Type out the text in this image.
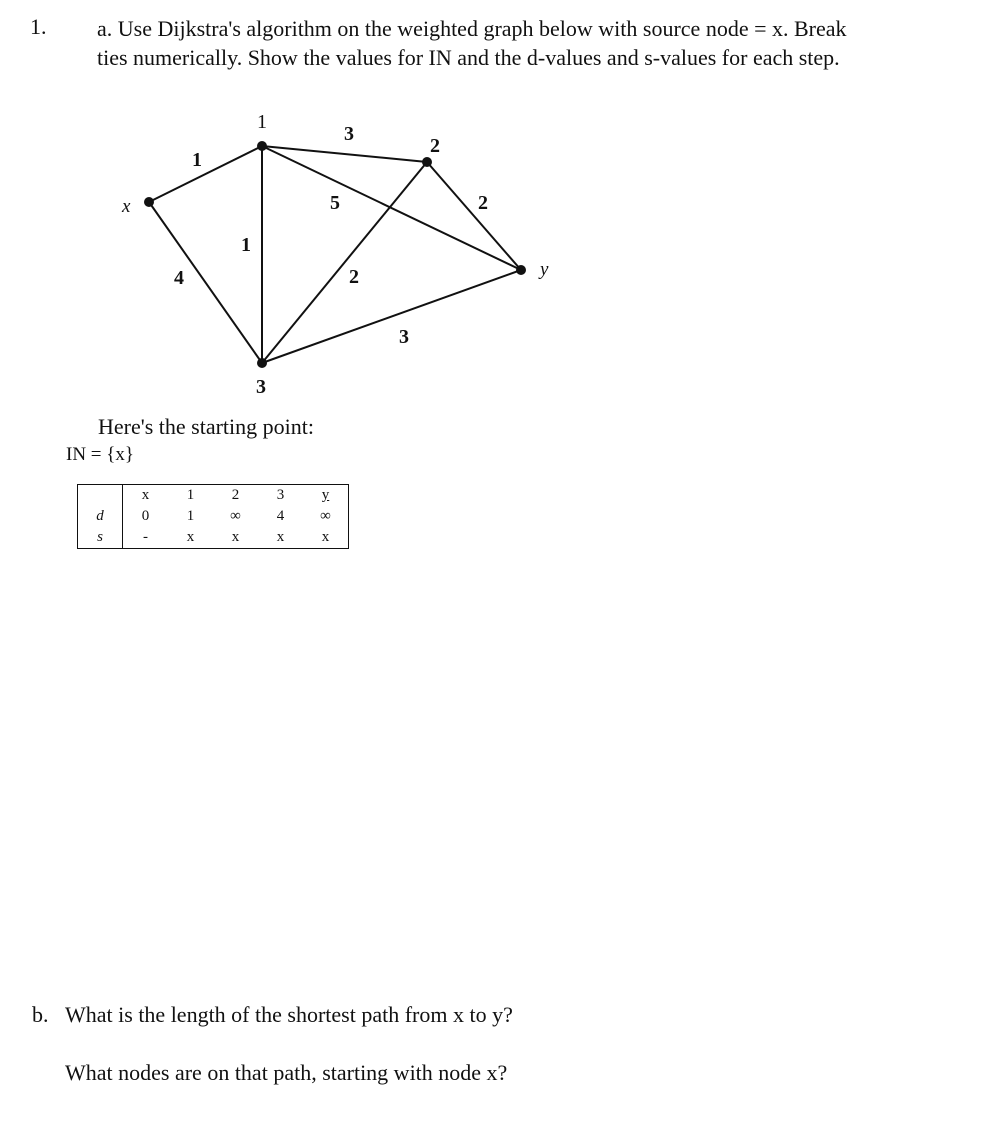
1. a. Use Dijkstra's algorithm on the weighted graph below with source node = x. Break
ties numerically. Show the values for IN and the d-values and s-values for each step.
x
1
2
3
y
1
4
1
3
5	2
2
3
Here's the starting point:
IN = {x}
	x	1	2	3	y
d	0	1	∞	4	∞
s	-	x	x	x	x
b. What is the length of the shortest path from x to y?
What nodes are on that path, starting with node x?
